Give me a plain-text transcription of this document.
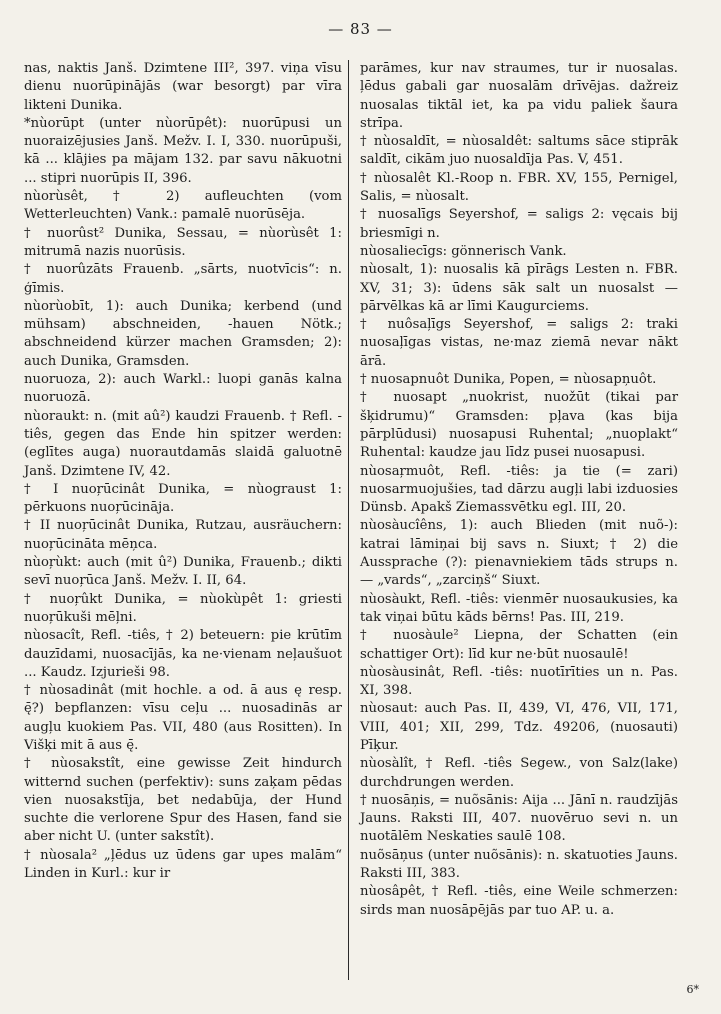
— 83 —

nas, naktis Janš. Dzimtene III², 397. viņa vīsu dienu nuorūpinājās (war besorgt) par vīra likteni Dunika.

*nùorūpt (unter nùorūpêt): nuorūpusi un nuoraizējusies Janš. Mežv. I. I, 330. nuorūpuši, kā ... klājies pa mājam 132. par savu nākuotni ... stipri nuorūpis II, 396.

nùorùsêt, † 2) aufleuchten (vom Wetterleuchten) Vank.: pamalē nuorūsēja.

† nuorûst² Dunika, Sessau, = nùorùsêt 1: mitrumā nazis nuorūsis.

† nuorûzāts Frauenb. „sārts, nuotvīcis“: n. ģīmis.

nùorùobīt, 1): auch Dunika; kerbend (und mühsam) abschneiden, -hauen Nötk.; abschneidend kürzer machen Gramsden; 2): auch Dunika, Gramsden.

nuoruoza, 2): auch Warkl.: luopi ganās kalna nuoruozā.

nùoraukt: n. (mit aû²) kaudzi Frauenb. † Refl. -tiês, gegen das Ende hin spitzer werden: (eglītes auga) nuorautdamās slaidā galuotnē Janš. Dzimtene IV, 42.

† I nuoŗūcinât Dunika, = nùograust 1: pērkuons nuoŗūcināja.

† II nuoŗūcinât Dunika, Rutzau, ausräuchern: nuoŗūcināta mēņca.

nùoŗùkt: auch (mit û²) Dunika, Frauenb.; dikti sevī nuoŗūca Janš. Mežv. I. II, 64.

† nuoŗûkt Dunika, = nùokùpêt 1: griesti nuoŗūkuši mēļni.

nùosacît, Refl. -tiês, † 2) beteuern: pie krūtīm dauzīdami, nuosacījās, ka ne·vienam neļaušuot ... Kaudz. Izjurieši 98.

† nùosadinât (mit hochle. a od. ā aus ę resp. ę̄?) bepflanzen: vīsu ceļu ... nuosadinās ar augļu kuokiem Pas. VII, 480 (aus Rositten). In Višķi mit ā aus ę̄.

† nùosakstît, eine gewisse Zeit hindurch witternd suchen (perfektiv): suns zaķam pēdas vien nuosakstīja, bet nedabūja, der Hund suchte die verlorene Spur des Hasen, fand sie aber nicht U. (unter sakstît).

† nùosala² „ļēdus uz ūdens gar upes malām“ Linden in Kurl.: kur ir

parāmes, kur nav straumes, tur ir nuosalas. ļēdus gabali gar nuosalām drīvējas. dažreiz nuosalas tiktāl iet, ka pa vidu paliek šaura strīpa.

† nùosaldīt, = nùosaldêt: saltums sāce stiprāk saldīt, cikām juo nuosaldīja Pas. V, 451.

† nùosalêt Kl.-Roop n. FBR. XV, 155, Pernigel, Salis, = nùosalt.

† nuosalīgs Seyershof, = saligs 2: vęcais bij briesmīgi n.

nùosaliecīgs: gönnerisch Vank.

nùosalt, 1): nuosalis kā pīrāgs Lesten n. FBR. XV, 31; 3): ūdens sāk salt un nuosalst — pārvēlkas kā ar līmi Kaugurciems.

† nuôsaļīgs Seyershof, = saligs 2: traki nuosaļīgas vistas, ne·maz ziemā nevar nākt ārā.

† nuosapnuôt Dunika, Popen, = nùosapņuôt.

† nuosapt „nuokrist, nuožūt (tikai par šķidrumu)“ Gramsden: pļava (kas bija pārplūdusi) nuosapusi Ruhental; „nuoplakt“ Ruhental: kaudze jau līdz pusei nuosapusi.

nùosaŗmuôt, Refl. -tiês: ja tie (= zari) nuosarmuojušies, tad dārzu augļi labi izduosies Dünsb. Apakš Ziemassvētku egl. III, 20.

nùosàucîêns, 1): auch Blieden (mit nuõ-): katrai lāmiņai bij savs n. Siuxt; † 2) die Aussprache (?): pienavniekiem tāds strups n. — „vards“, „zarciņš“ Siuxt.

nùosàukt, Refl. -tiês: vienmēr nuosaukusies, ka tak viņai būtu kāds bērns! Pas. III, 219.

† nuosàule² Liepna, der Schatten (ein schattiger Ort): līd kur ne·būt nuosaulē!

nùosàusinât, Refl. -tiês: nuotīrīties un n. Pas. XI, 398.

nùosaut: auch Pas. II, 439, VI, 476, VII, 171, VIII, 401; XII, 299, Tdz. 49206, (nuosauti) Pīķur.

nùosàlît, † Refl. -tiês Segew., von Salz(lake) durchdrungen werden.

† nuosāņis, = nuõsānis: Aija ... Jānī n. raudzījās Jauns. Raksti III, 407. nuovēruo sevi n. un nuotālēm Neskaties saulē 108.

nuõsāņus (unter nuõsānis): n. skatuoties Jauns. Raksti III, 383.

nùosâpêt, † Refl. -tiês, eine Weile schmerzen: sirds man nuosāpējās par tuo AP. u. a.

6*
